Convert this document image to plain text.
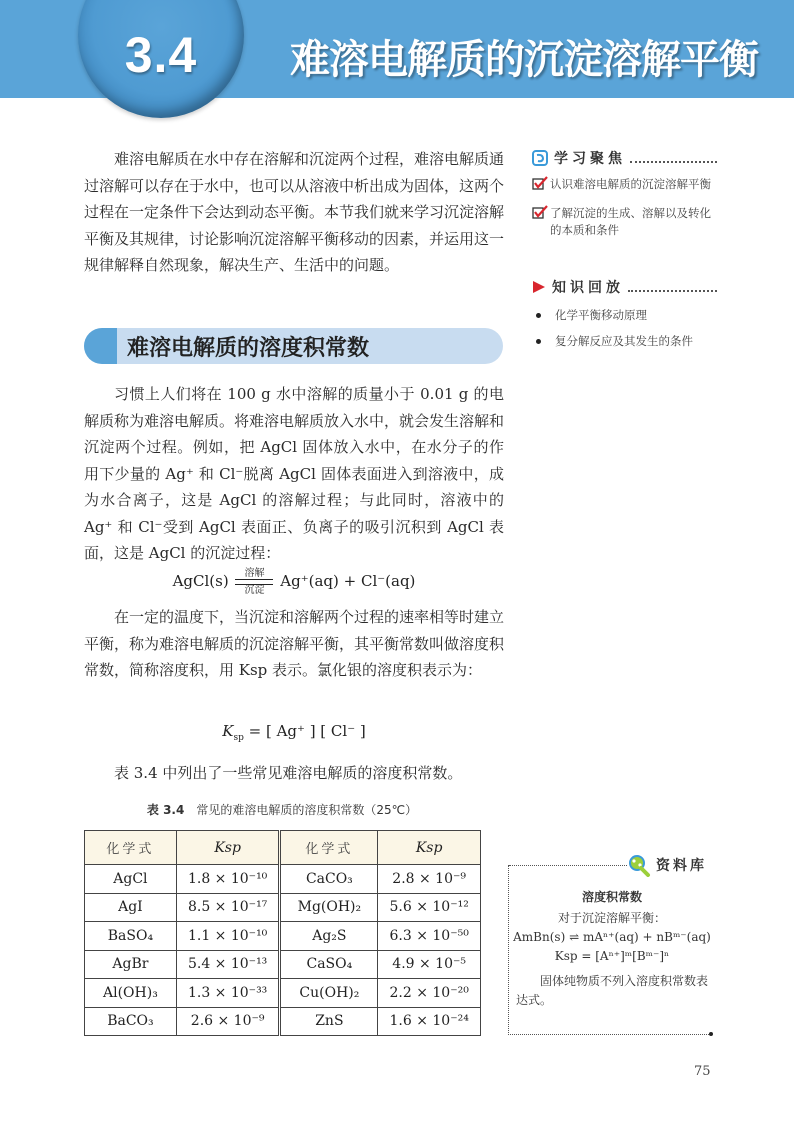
3.4	难溶电解质的沉淀溶解平衡

难溶电解质在水中存在溶解和沉淀两个过程，难溶电解质通过溶解可以存在于水中，也可以从溶液中析出成为固体，这两个过程在一定条件下会达到动态平衡。本节我们就来学习沉淀溶解平衡及其规律，讨论影响沉淀溶解平衡移动的因素，并运用这一规律解释自然现象，解决生产、生活中的问题。

难溶电解质的溶度积常数

习惯上人们将在 100 g 水中溶解的质量小于 0.01 g 的电解质称为难溶电解质。将难溶电解质放入水中，就会发生溶解和沉淀两个过程。例如，把 AgCl 固体放入水中，在水分子的作用下少量的 Ag⁺ 和 Cl⁻脱离 AgCl 固体表面进入到溶液中，成为水合离子，这是 AgCl 的溶解过程；与此同时，溶液中的 Ag⁺ 和 Cl⁻受到 AgCl 表面正、负离子的吸引沉积到 AgCl 表面，这是 AgCl 的沉淀过程：

AgCl(s) 溶解
沉淀 Ag⁺(aq) + Cl⁻(aq)

在一定的温度下，当沉淀和溶解两个过程的速率相等时建立平衡，称为难溶电解质的沉淀溶解平衡，其平衡常数叫做溶度积常数，简称溶度积，用 Ksp 表示。氯化银的溶度积表示为：

$K_{sp}$ = [ Ag⁺ ] [ Cl⁻ ]

表 3.4 中列出了一些常见难溶电解质的溶度积常数。

表 3.4 常见的难溶电解质的溶度积常数（25℃）
化学式	Ksp	化学式	Ksp
AgCl	1.8 × 10⁻¹⁰	CaCO₃	2.8 × 10⁻⁹
AgI	8.5 × 10⁻¹⁷	Mg(OH)₂	5.6 × 10⁻¹²
BaSO₄	1.1 × 10⁻¹⁰	Ag₂S	6.3 × 10⁻⁵⁰
AgBr	5.4 × 10⁻¹³	CaSO₄	4.9 × 10⁻⁵
Al(OH)₃	1.3 × 10⁻³³	Cu(OH)₂	2.2 × 10⁻²⁰
BaCO₃	2.6 × 10⁻⁹	ZnS	1.6 × 10⁻²⁴
学习聚焦
认识难溶电解质的沉淀溶解平衡
了解沉淀的生成、溶解以及转化的本质和条件
知识回放
化学平衡移动原理
复分解反应及其发生的条件
资料库
溶度积常数
对于沉淀溶解平衡：
AmBn(s) ⇌ mAⁿ⁺(aq) + nBᵐ⁻(aq)
Ksp = [Aⁿ⁺]ᵐ[Bᵐ⁻]ⁿ
固体纯物质不列入溶度积常数表达式。
75
